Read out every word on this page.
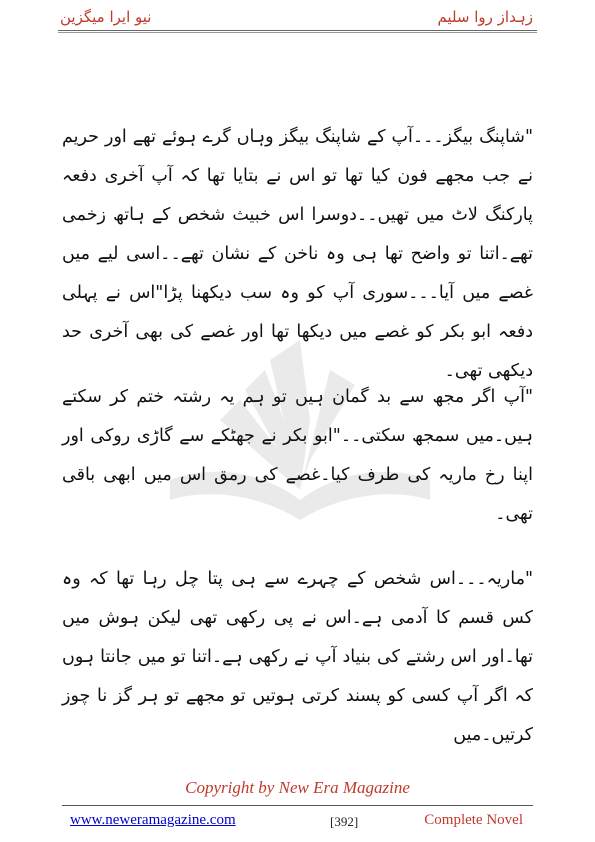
نیو ایرا میگزین	زہداز روا سلیم
"شاپنگ بیگز۔۔۔آپ کے شاپنگ بیگز وہاں گرے ہوئے تھے اور حریم نے جب مجھے فون کیا تھا تو اس نے بتایا تھا کہ آپ آخری دفعہ پارکنگ لاٹ میں تھیں۔۔دوسرا اس خبیث شخص کے ہاتھ زخمی تھے۔اتنا تو واضح تھا ہی وہ ناخن کے نشان تھے۔۔اسی لیے میں غصے میں آیا۔۔۔سوری آپ کو وہ سب دیکھنا پڑا"اس نے پہلی دفعہ ابو بکر کو غصے میں دیکھا تھا اور غصے کی بھی آخری حد دیکھی تھی۔
"آپ اگر مجھ سے بد گمان ہیں تو ہم یہ رشتہ ختم کر سکتے ہیں۔میں سمجھ سکتی۔۔"ابو بکر نے جھٹکے سے گاڑی روکی اور اپنا رخ ماریہ کی طرف کیا۔غصے کی رمق اس میں ابھی باقی تھی۔
"ماریہ۔۔۔اس شخص کے چہرے سے ہی پتا چل رہا تھا کہ وہ کس قسم کا آدمی ہے۔اس نے پی رکھی تھی لیکن ہوش میں تھا۔اور اس رشتے کی بنیاد آپ نے رکھی ہے۔اتنا تو میں جانتا ہوں کہ اگر آپ کسی کو پسند کرتی ہوتیں تو مجھے تو ہر گز نا چوز کرتیں۔میں
Copyright by New Era Magazine
www.neweramagazine.com	[392]	Complete Novel
